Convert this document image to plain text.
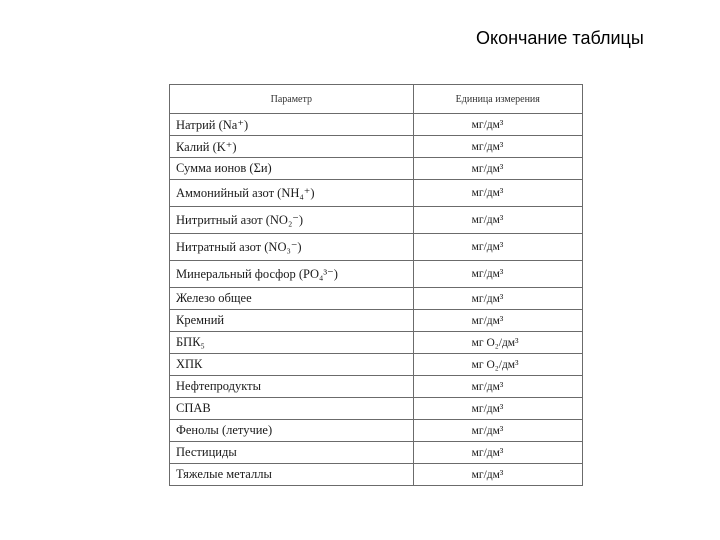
Окончание таблицы
Параметр	Единица измерения
Натрий (Na⁺)	мг/дм³
Калий (K⁺)	мг/дм³
Сумма ионов (Σи)	мг/дм³
Аммонийный азот (NH₄⁺)	мг/дм³
Нитритный азот (NO₂⁻)	мг/дм³
Нитратный азот (NO₃⁻)	мг/дм³
Минеральный фосфор (PO₄³⁻)	мг/дм³
Железо общее	мг/дм³
Кремний	мг/дм³
БПК₅	мг O₂/дм³
ХПК	мг O₂/дм³
Нефтепродукты	мг/дм³
СПАВ	мг/дм³
Фенолы (летучие)	мг/дм³
Пестициды	мг/дм³
Тяжелые металлы	мг/дм³
